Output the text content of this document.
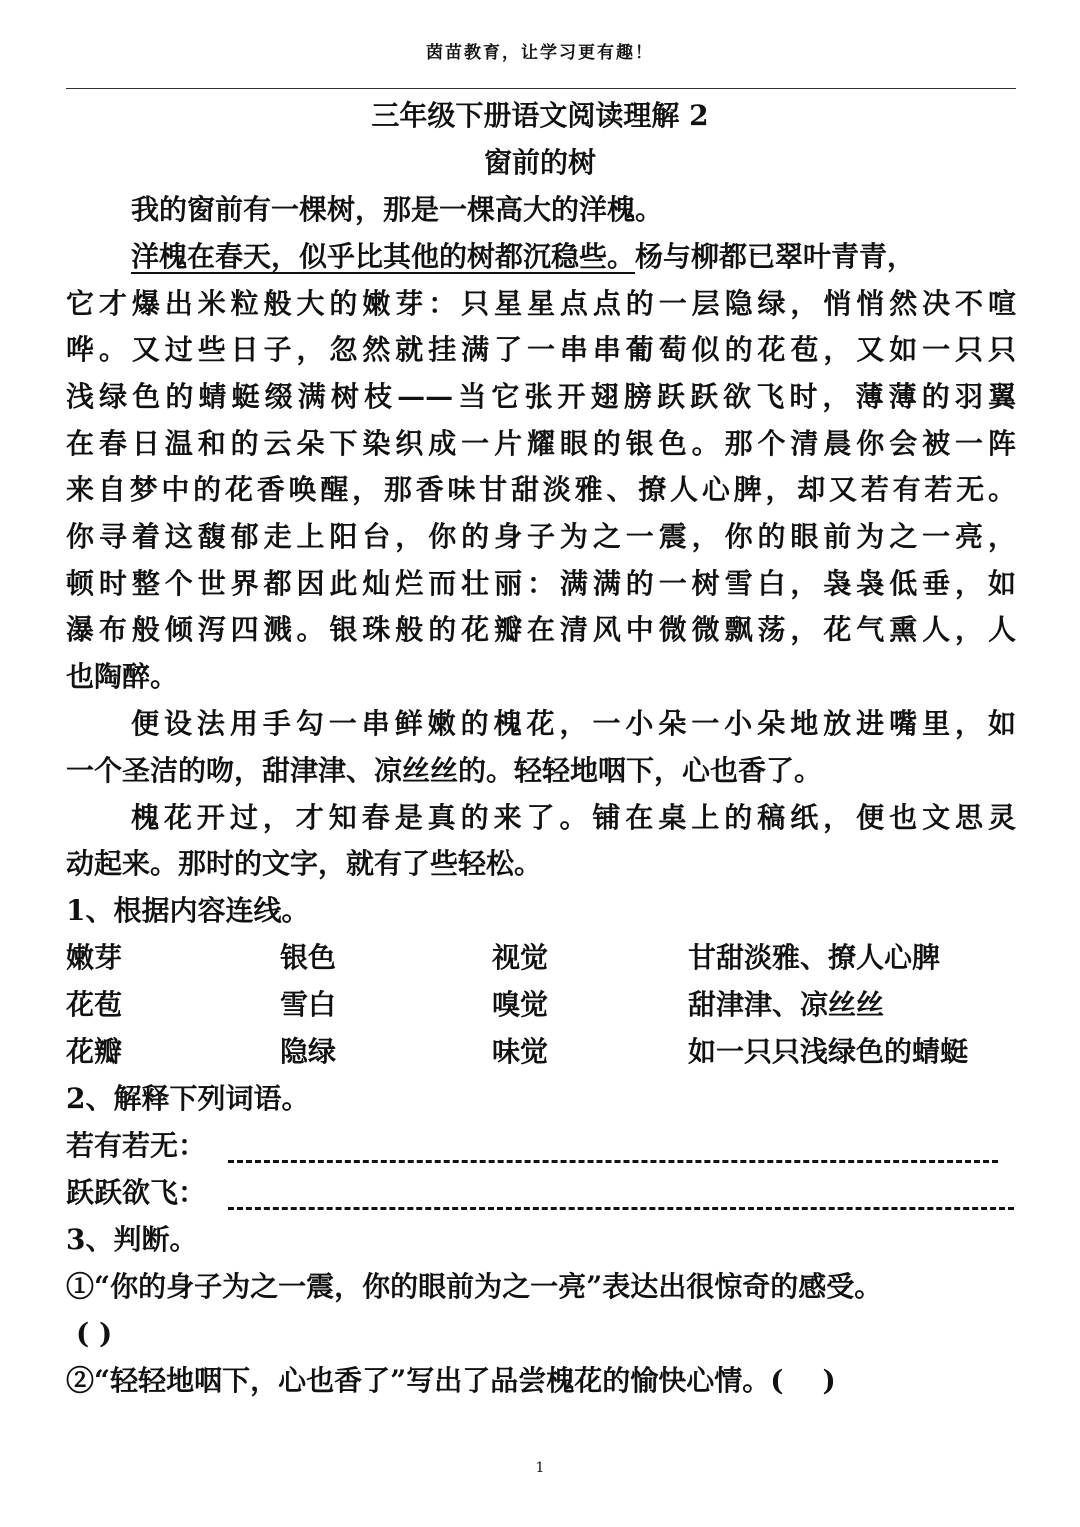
茵苗教育，让学习更有趣！
三年级下册语文阅读理解 2
窗前的树
我的窗前有一棵树，那是一棵高大的洋槐。
洋槐在春天，似乎比其他的树都沉稳些。杨与柳都已翠叶青青，
它才爆出米粒般大的嫩芽：只星星点点的一层隐绿，悄悄然决不喧
哗。又过些日子，忽然就挂满了一串串葡萄似的花苞，又如一只只
浅绿色的蜻蜓缀满树枝——当它张开翅膀跃跃欲飞时，薄薄的羽翼
在春日温和的云朵下染织成一片耀眼的银色。那个清晨你会被一阵
来自梦中的花香唤醒，那香味甘甜淡雅、撩人心脾，却又若有若无。
你寻着这馥郁走上阳台，你的身子为之一震，你的眼前为之一亮，
顿时整个世界都因此灿烂而壮丽：满满的一树雪白，袅袅低垂，如
瀑布般倾泻四溅。银珠般的花瓣在清风中微微飘荡，花气熏人，人
也陶醉。
便设法用手勾一串鲜嫩的槐花，一小朵一小朵地放进嘴里，如
一个圣洁的吻，甜津津、凉丝丝的。轻轻地咽下，心也香了。
槐花开过，才知春是真的来了。铺在桌上的稿纸，便也文思灵
动起来。那时的文字，就有了些轻松。
1、根据内容连线。
嫩芽	银色	视觉	甘甜淡雅、撩人心脾
花苞	雪白	嗅觉	甜津津、凉丝丝
花瓣	隐绿	味觉	如一只只浅绿色的蜻蜓
2、解释下列词语。
若有若无：
跃跃欲飞：
3、判断。
①“你的身子为之一震，你的眼前为之一亮”表达出很惊奇的感受。
( )
②“轻轻地咽下，心也香了”写出了品尝槐花的愉快心情。(    )
1
